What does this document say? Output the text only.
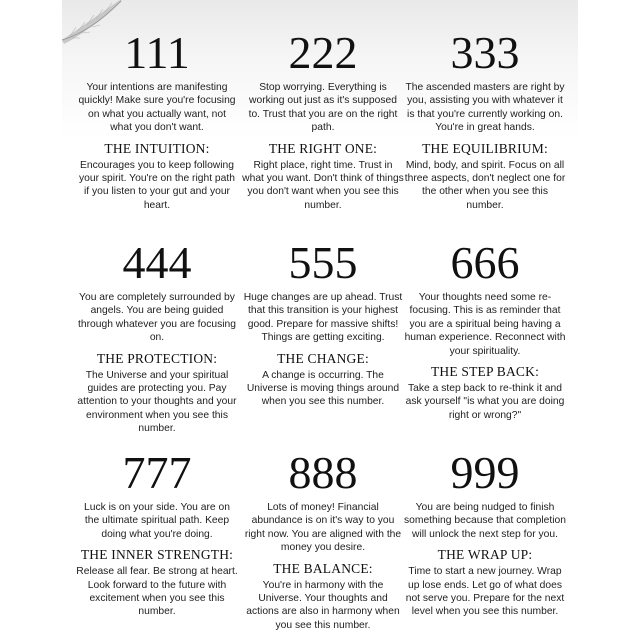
111
Your intentions are manifesting quickly! Make sure you're focusing on what you actually want, not what you don't want.
THE INTUITION:
Encourages you to keep following your spirit. You're on the right path if you listen to your gut and your heart.
222
Stop worrying. Everything is working out just as it's supposed to. Trust that you are on the right path.
THE RIGHT ONE:
Right place, right time. Trust in what you want. Don't think of things you don't want when you see this number.
333
The ascended masters are right by you, assisting you with whatever it is that you're currently working on. You're in great hands.
THE EQUILIBRIUM:
Mind, body, and spirit. Focus on all three aspects, don't neglect one for the other when you see this number.
444
You are completely surrounded by angels. You are being guided through whatever you are focusing on.
THE PROTECTION:
The Universe and your spiritual guides are protecting you. Pay attention to your thoughts and your environment when you see this number.
555
Huge changes are up ahead. Trust that this transition is your highest good. Prepare for massive shifts! Things are getting exciting.
THE CHANGE:
A change is occurring. The Universe is moving things around when you see this number.
666
Your thoughts need some re-focusing. This is as reminder that you are a spiritual being having a human experience. Reconnect with your spirituality.
THE STEP BACK:
Take a step back to re-think it and ask yourself "is what you are doing right or wrong?"
777
Luck is on your side. You are on the ultimate spiritual path. Keep doing what you're doing.
THE INNER STRENGTH:
Release all fear. Be strong at heart. Look forward to the future with excitement when you see this number.
888
Lots of money! Financial abundance is on it's way to you right now. You are aligned with the money you desire.
THE BALANCE:
You're in harmony with the Universe. Your thoughts and actions are also in harmony when you see this number.
999
You are being nudged to finish something because that completion will unlock the next step for you.
THE WRAP UP:
Time to start a new journey. Wrap up lose ends. Let go of what does not serve you. Prepare for the next level when you see this number.
